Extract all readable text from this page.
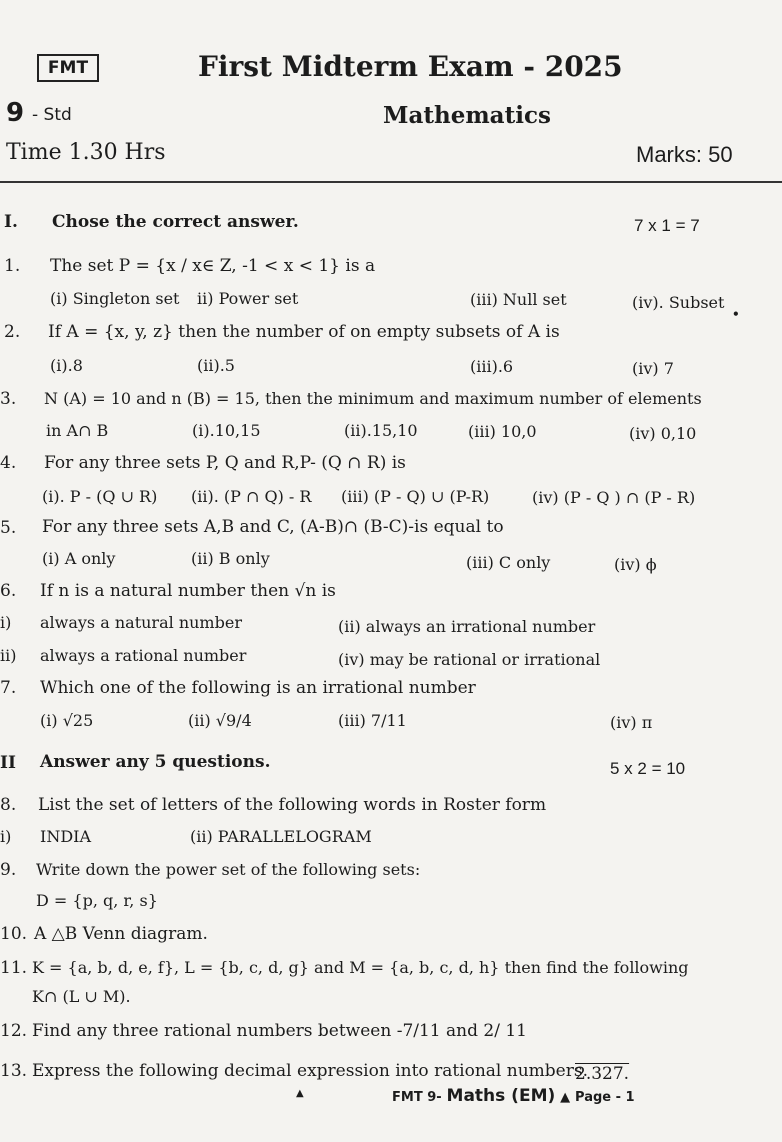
FMT	First Midterm Exam - 2025
9 - Std	Mathematics
Time 1.30 Hrs	Marks: 50
I. Chose the correct answer.	7 x 1 = 7
1. The set P = {x / x∈ Z, -1 < x < 1} is a
(i) Singleton set ii) Power set	(iii) Null set	(iv). Subset
•
2. If A = {x, y, z} then the number of on empty subsets of A is
(i).8	(ii).5	(iii).6	(iv) 7
3. N (A) = 10 and n (B) = 15, then the minimum and maximum number of elements
in A∩ B	(i).10,15	(ii).15,10	(iii) 10,0	(iv) 0,10
4. For any three sets P, Q and R,P- (Q ∩ R) is
(i). P - (Q ∪ R) (ii). (P ∩ Q) - R (iii) (P - Q) ∪ (P-R)	(iv) (P - Q ) ∩ (P - R)
5. For any three sets A,B and C, (A-B)∩ (B-C)-is equal to
(i) A only	(ii) B only	(iii) C only	(iv) ϕ
6. If n is a natural number then √n is
i) always a natural number	(ii) always an irrational number
ii) always a rational number	(iv) may be rational or irrational
7. Which one of the following is an irrational number
(i) √25	(ii) √9/4	(iii) 7/11	(iv) π
II Answer any 5 questions.	5 x 2 = 10
8. List the set of letters of the following words in Roster form
i) INDIA	(ii) PARALLELOGRAM
9. Write down the power set of the following sets:
D = {p, q, r, s}
10. A △B Venn diagram.
11. K = {a, b, d, e, f}, L = {b, c, d, g} and M = {a, b, c, d, h} then find the following
K∩ (L ∪ M).
12. Find any three rational numbers between -7/11 and 2/ 11
13. Express the following decimal expression into rational numbers.
2.327.
▲	FMT 9- Maths (EM) ▲ Page - 1
